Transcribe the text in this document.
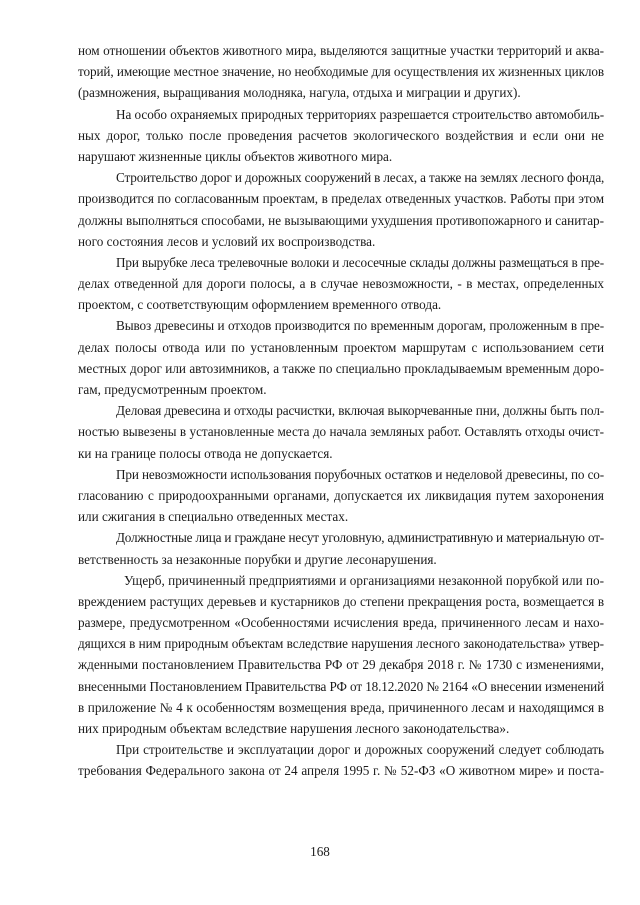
ном отношении объектов животного мира, выделяются защитные участки территорий и аква-
торий, имеющие местное значение, но необходимые для осуществления их жизненных циклов
(размножения, выращивания молодняка, нагула, отдыха и миграции и других).

На особо охраняемых природных территориях разрешается строительство автомобиль-
ных дорог, только после проведения расчетов экологического воздействия и если они не
нарушают жизненные циклы объектов животного мира.

Строительство дорог и дорожных сооружений в лесах, а также на землях лесного фонда,
производится по согласованным проектам, в пределах отведенных участков. Работы при этом
должны выполняться способами, не вызывающими ухудшения противопожарного и санитар-
ного состояния лесов и условий их воспроизводства.

При вырубке леса трелевочные волоки и лесосечные склады должны размещаться в пре-
делах отведенной для дороги полосы, а в случае невозможности, - в местах, определенных
проектом, с соответствующим оформлением временного отвода.

Вывоз древесины и отходов производится по временным дорогам, проложенным в пре-
делах полосы отвода или по установленным проектом маршрутам с использованием сети
местных дорог или автозимников, а также по специально прокладываемым временным доро-
гам, предусмотренным проектом.

Деловая древесина и отходы расчистки, включая выкорчеванные пни, должны быть пол-
ностью вывезены в установленные места до начала земляных работ. Оставлять отходы очист-
ки на границе полосы отвода не допускается.

При невозможности использования порубочных остатков и неделовой древесины, по со-
гласованию с природоохранными органами, допускается их ликвидация путем захоронения
или сжигания в специально отведенных местах.

Должностные лица и граждане несут уголовную, административную и материальную от-
ветственность за незаконные порубки и другие лесонарушения.

Ущерб, причиненный предприятиями и организациями незаконной порубкой или по-
вреждением растущих деревьев и кустарников до степени прекращения роста, возмещается в
размере, предусмотренном «Особенностями исчисления вреда, причиненного лесам и нахо-
дящихся в ним природным объектам вследствие нарушения лесного законодательства» утвер-
жденными постановлением Правительства РФ от 29 декабря 2018 г. № 1730 с изменениями,
внесенными Постановлением Правительства РФ от 18.12.2020 № 2164 «О внесении изменений
в приложение № 4 к особенностям возмещения вреда, причиненного лесам и находящимся в
них природным объектам вследствие нарушения лесного законодательства».

При строительстве и эксплуатации дорог и дорожных сооружений следует соблюдать
требования Федерального закона от 24 апреля 1995 г. № 52-ФЗ «О животном мире» и поста-

168
